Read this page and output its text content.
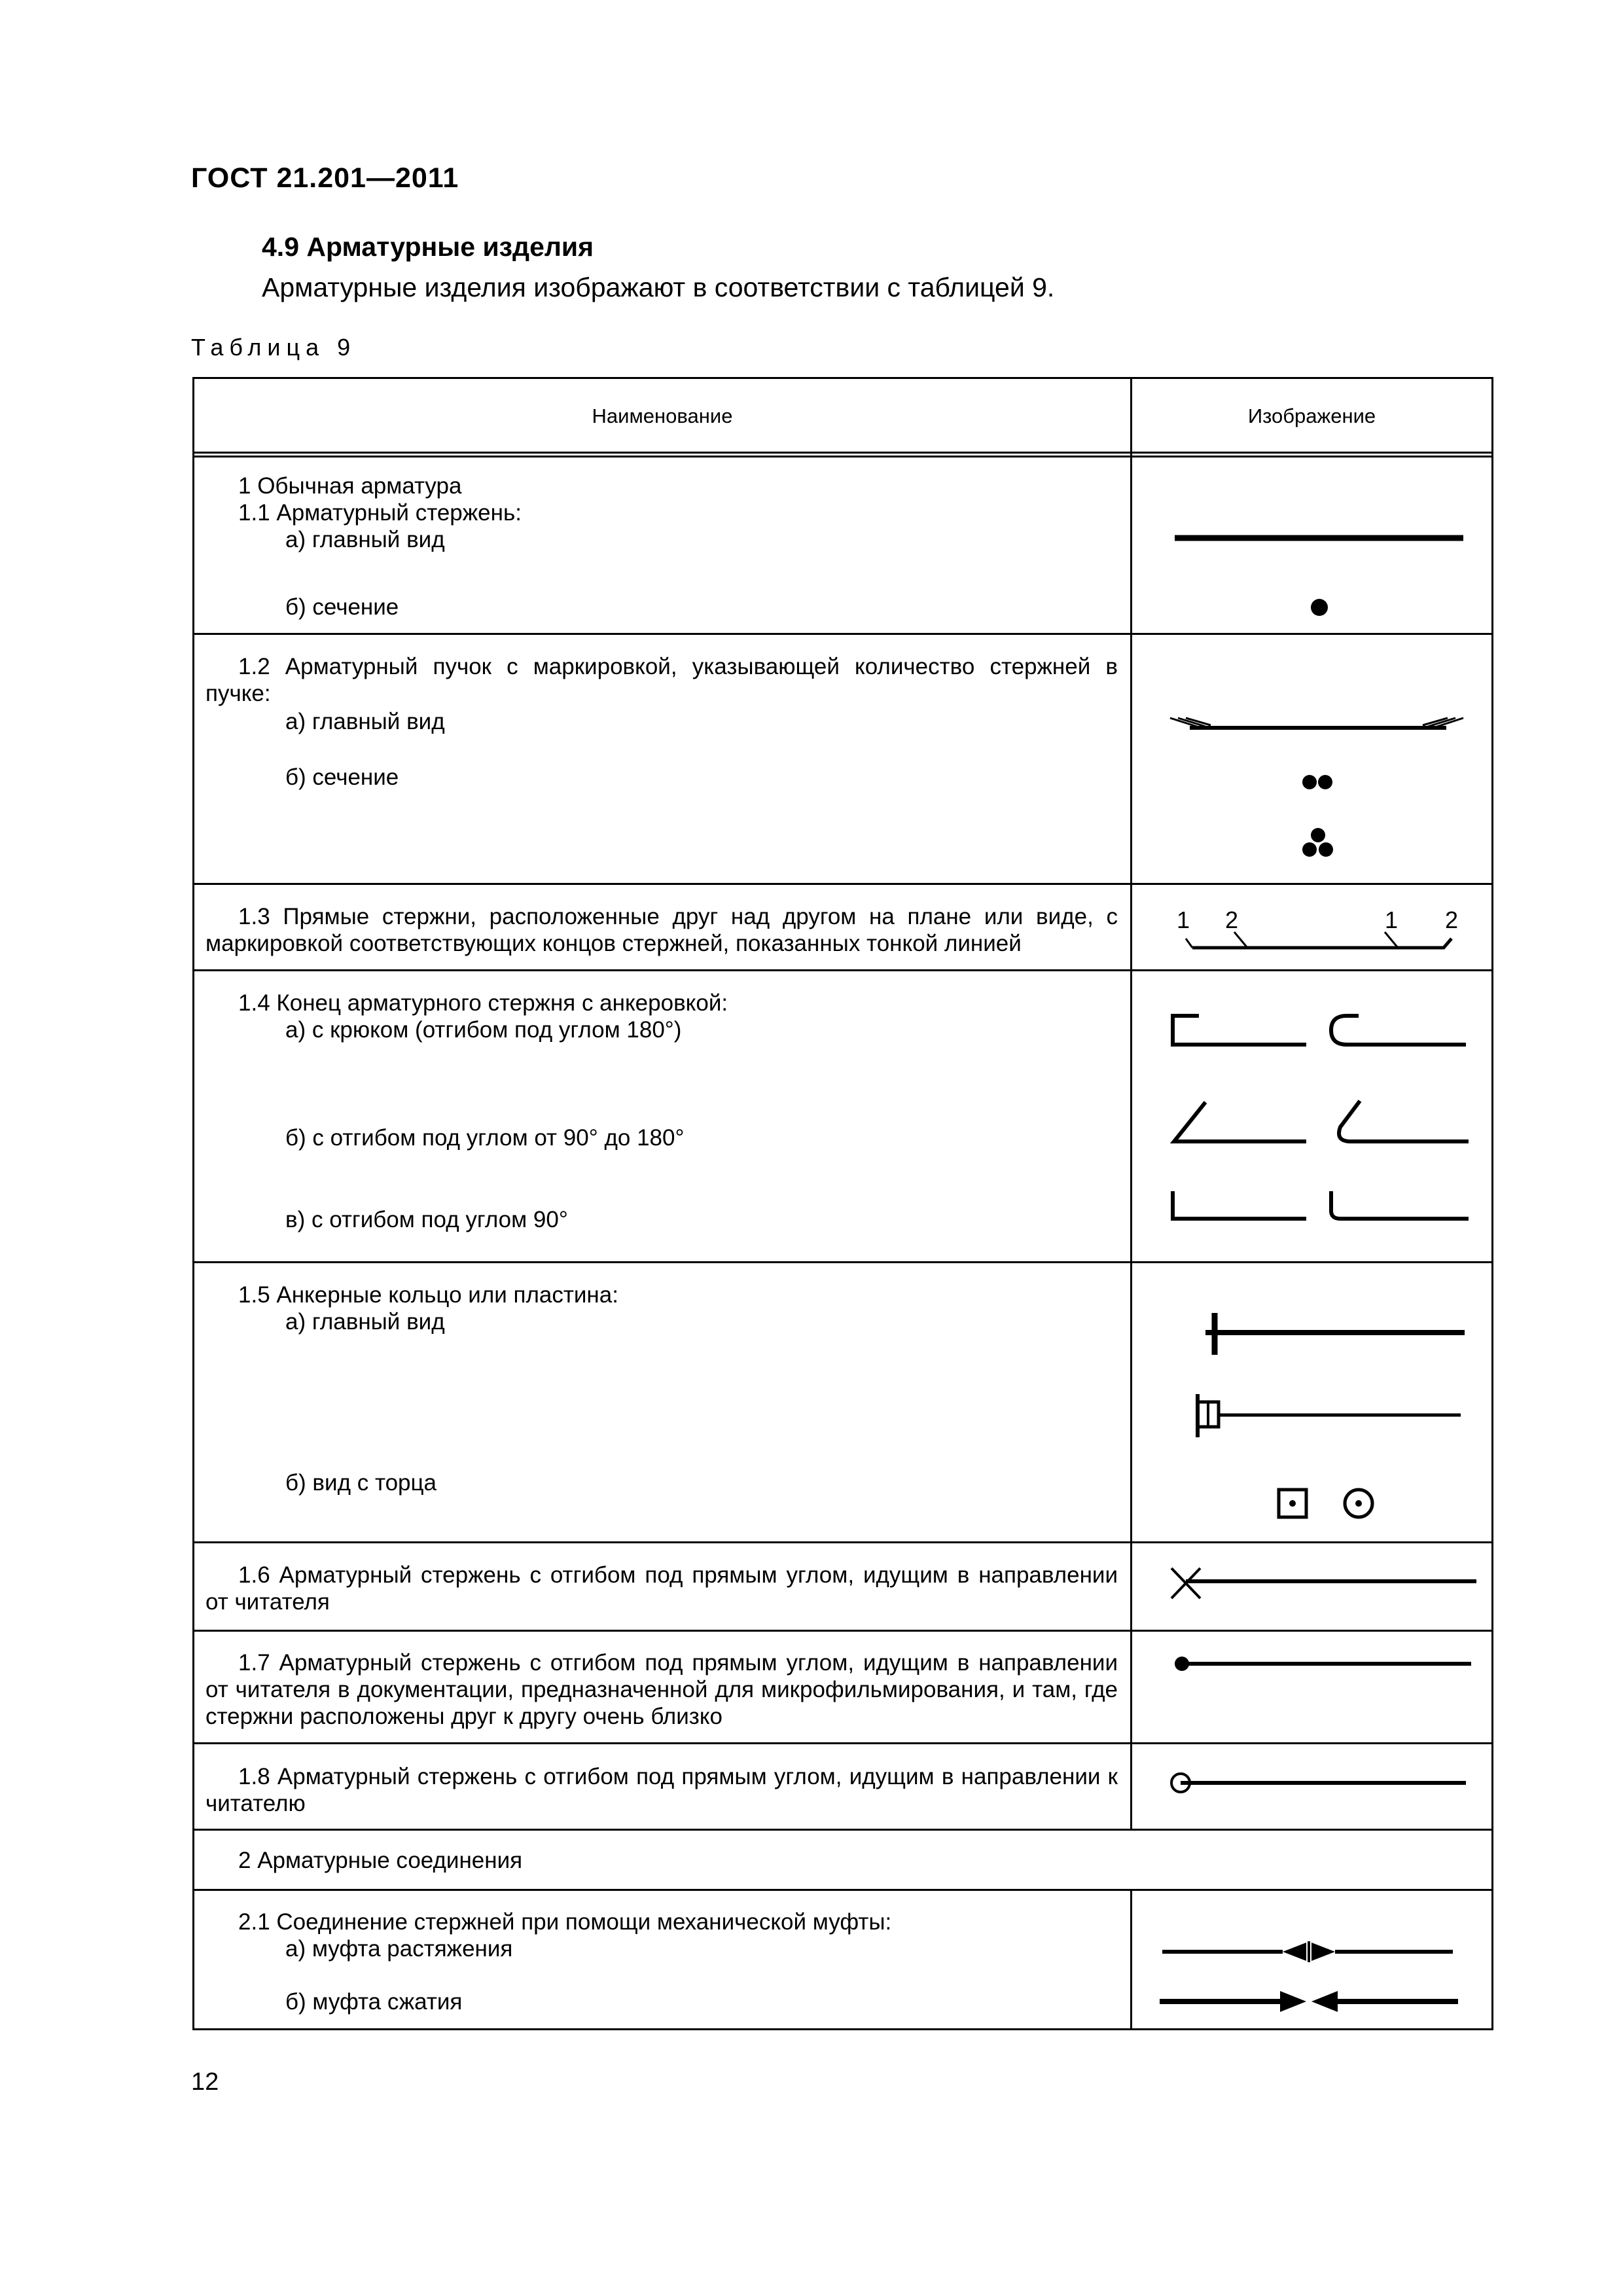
ГОСТ 21.201—2011
4.9 Арматурные изделия
Арматурные изделия изображают в соответствии с таблицей 9.
Таблица 9
Наименование	Изображение
1 Обычная арматура
1.1 Арматурный стержень:
а) главный вид
б) сечение
1.2 Арматурный пучок с маркировкой, указывающей количество стержней в пучке:
а) главный вид
б) сечение
1.3 Прямые стержни, расположенные друг над другом на плане или виде, с маркировкой соответствующих концов стержней, показанных тонкой линией
1.4 Конец арматурного стержня с анкеровкой:
а) с крюком (отгибом под углом 180°)
б) с отгибом под углом от 90° до 180°
в) с отгибом под углом 90°
1.5 Анкерные кольцо или пластина:
а) главный вид
б) вид с торца
1.6 Арматурный стержень с отгибом под прямым углом, идущим в направлении от читателя
1.7 Арматурный стержень с отгибом под прямым углом, идущим в направлении от читателя в документации, предназначенной для микрофильмирования, и там, где стержни расположены друг к другу очень близко
1.8 Арматурный стержень с отгибом под прямым углом, идущим в направлении к читателю
2 Арматурные соединения
2.1 Соединение стержней при помощи механической муфты:
а) муфта растяжения
б) муфта сжатия
1 2	1 2
12
